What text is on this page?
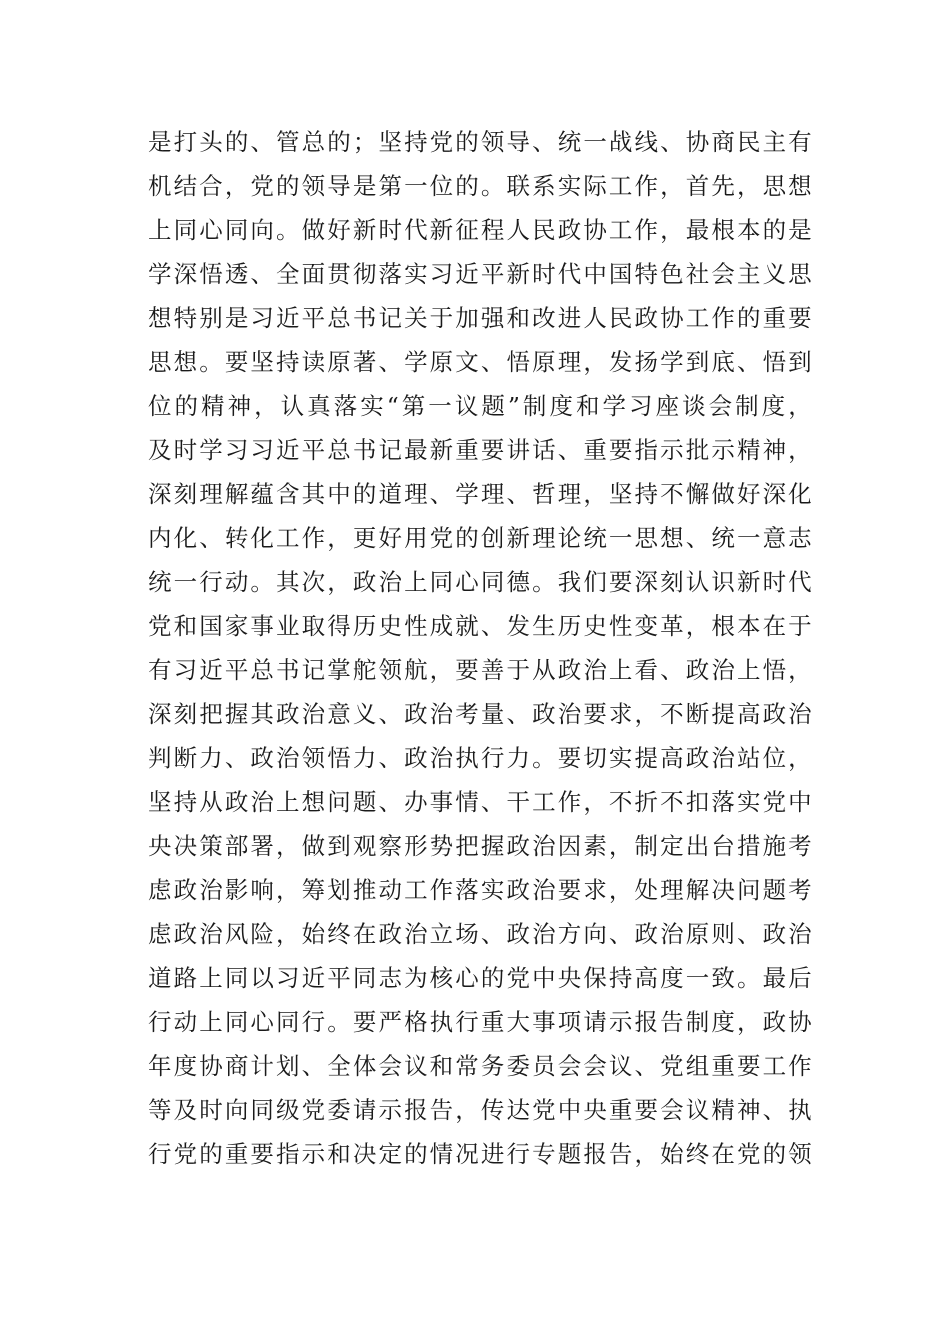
是打头的、管总的；坚持党的领导、统一战线、协商民主有
机结合，党的领导是第一位的。联系实际工作，首先，思想
上同心同向。做好新时代新征程人民政协工作，最根本的是
学深悟透、全面贯彻落实习近平新时代中国特色社会主义思
想特别是习近平总书记关于加强和改进人民政协工作的重要
思想。要坚持读原著、学原文、悟原理，发扬学到底、悟到
位的精神，认真落实“第一议题”制度和学习座谈会制度，
及时学习习近平总书记最新重要讲话、重要指示批示精神，
深刻理解蕴含其中的道理、学理、哲理，坚持不懈做好深化
内化、转化工作，更好用党的创新理论统一思想、统一意志
统一行动。其次，政治上同心同德。我们要深刻认识新时代
党和国家事业取得历史性成就、发生历史性变革，根本在于
有习近平总书记掌舵领航，要善于从政治上看、政治上悟，
深刻把握其政治意义、政治考量、政治要求，不断提高政治
判断力、政治领悟力、政治执行力。要切实提高政治站位，
坚持从政治上想问题、办事情、干工作，不折不扣落实党中
央决策部署，做到观察形势把握政治因素，制定出台措施考
虑政治影响，筹划推动工作落实政治要求，处理解决问题考
虑政治风险，始终在政治立场、政治方向、政治原则、政治
道路上同以习近平同志为核心的党中央保持高度一致。最后
行动上同心同行。要严格执行重大事项请示报告制度，政协
年度协商计划、全体会议和常务委员会会议、党组重要工作
等及时向同级党委请示报告，传达党中央重要会议精神、执
行党的重要指示和决定的情况进行专题报告，始终在党的领
